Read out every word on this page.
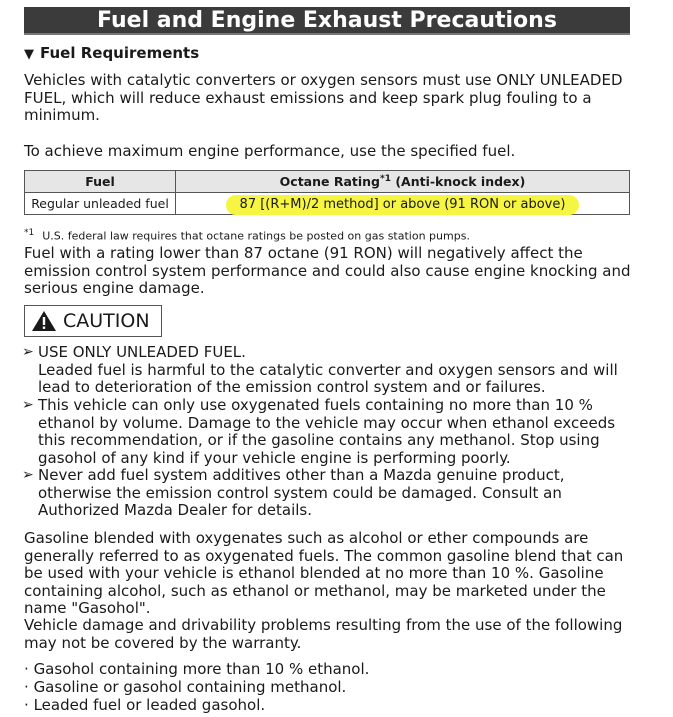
Fuel and Engine Exhaust Precautions
▼ Fuel Requirements
Vehicles with catalytic converters or oxygen sensors must use ONLY UNLEADED FUEL, which will reduce exhaust emissions and keep spark plug fouling to a minimum.
To achieve maximum engine performance, use the specified fuel.
Fuel	Octane Rating$^{*1}$ (Anti-knock index)
Regular unleaded fuel	87 [(R+M)/2 method] or above (91 RON or above)
$^{*1}$ U.S. federal law requires that octane ratings be posted on gas station pumps.
Fuel with a rating lower than 87 octane (91 RON) will negatively affect the emission control system performance and could also cause engine knocking and serious engine damage.
CAUTION
➢ USE ONLY UNLEADED FUEL.
Leaded fuel is harmful to the catalytic converter and oxygen sensors and will lead to deterioration of the emission control system and or failures.
➢ This vehicle can only use oxygenated fuels containing no more than 10 % ethanol by volume. Damage to the vehicle may occur when ethanol exceeds this recommendation, or if the gasoline contains any methanol. Stop using gasohol of any kind if your vehicle engine is performing poorly.
➢ Never add fuel system additives other than a Mazda genuine product, otherwise the emission control system could be damaged. Consult an Authorized Mazda Dealer for details.
Gasoline blended with oxygenates such as alcohol or ether compounds are generally referred to as oxygenated fuels. The common gasoline blend that can be used with your vehicle is ethanol blended at no more than 10 %. Gasoline containing alcohol, such as ethanol or methanol, may be marketed under the name "Gasohol".
Vehicle damage and drivability problems resulting from the use of the following may not be covered by the warranty.
· Gasohol containing more than 10 % ethanol.
· Gasoline or gasohol containing methanol.
· Leaded fuel or leaded gasohol.
